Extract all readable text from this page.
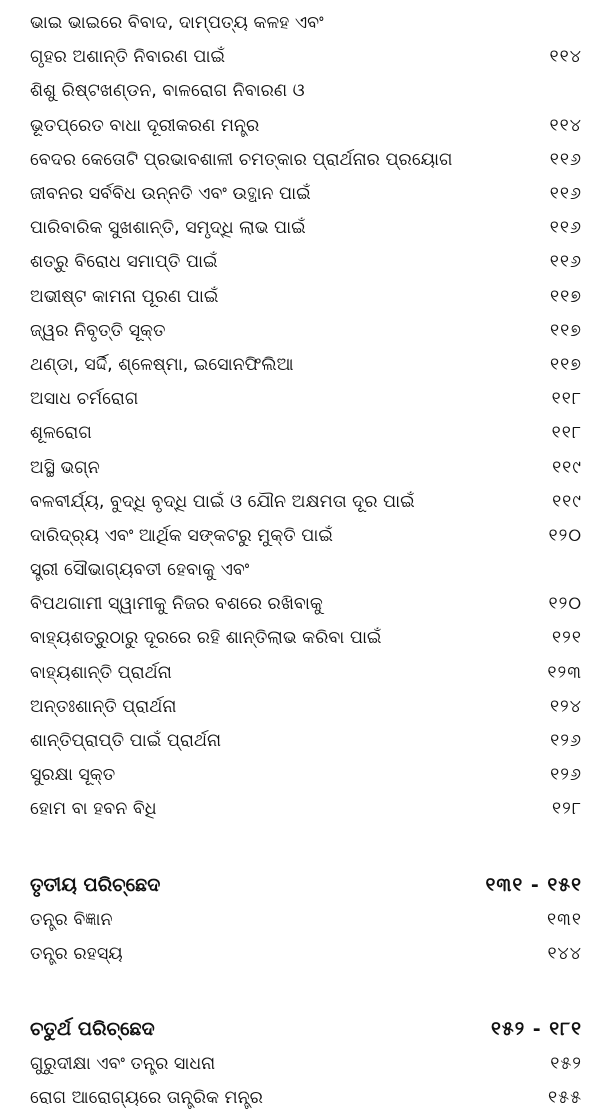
ଭାଇ ଭାଇରେ ବିବାଦ, ଦାମ୍ପତ୍ୟ କଳହ ଏବଂ
ଗୃହର ଅଶାନ୍ତି ନିବାରଣ ପାଇଁ	୧୧୪
ଶିଶୁ ରିଷ୍ଟଖଣ୍ଡନ, ବାଳରୋଗ ନିବାରଣ ଓ
ଭୂତପ୍ରେତ ବାଧା ଦୂରୀକରଣ ମନ୍ତ୍ର	୧୧୪
ବେଦର କେତୋଟି ପ୍ରଭାବଶାଳୀ ଚମତ୍କାର ପ୍ରାର୍ଥନାର ପ୍ରୟୋଗ	୧୧୬
ଜୀବନର ସର୍ବବିଧ ଉନ୍ନତି ଏବଂ ଉତ୍ଥାନ ପାଇଁ	୧୧୬
ପାରିବାରିକ ସୁଖଶାନ୍ତି, ସମୃଦ୍ଧି ଲାଭ ପାଇଁ	୧୧୬
ଶତ୍ରୁ ବିରୋଧ ସମାପ୍ତି ପାଇଁ	୧୧୬
ଅଭୀଷ୍ଟ କାମନା ପୂରଣ ପାଇଁ	୧୧୭
ଜ୍ୱର ନିବୃତ୍ତି ସୂକ୍ତ	୧୧୭
ଥଣ୍ଡା, ସର୍ଦ୍ଦି, ଶ୍ଳେଷ୍ମା, ଇସୋନଫିଲିଆ	୧୧୭
ଅସାଧ ଚର୍ମରୋଗ	୧୧୮
ଶୂଳରୋଗ	୧୧୮
ଅସ୍ଥି ଭଗ୍ନ	୧୧୯
ବଳବୀର୍ଯ୍ୟ, ବୁଦ୍ଧି ବୃଦ୍ଧି ପାଇଁ ଓ ଯୌନ ଅକ୍ଷମତା ଦୂର ପାଇଁ	୧୧୯
ଦାରିଦ୍ର୍ୟ ଏବଂ ଆର୍ଥିକ ସଙ୍କଟରୁ ମୁକ୍ତି ପାଇଁ	୧୨୦
ସ୍ତ୍ରୀ ସୌଭାଗ୍ୟବତୀ ହେବାକୁ ଏବଂ
ବିପଥଗାମୀ ସ୍ୱାମୀକୁ ନିଜର ବଶରେ ରଖିବାକୁ	୧୨୦
ବାହ୍ୟଶତ୍ରୁଠାରୁ ଦୂରରେ ରହି ଶାନ୍ତିଲାଭ କରିବା ପାଇଁ	୧୨୧
ବାହ୍ୟଶାନ୍ତି ପ୍ରାର୍ଥନା	୧୨୩
ଅନ୍ତଃଶାନ୍ତି ପ୍ରାର୍ଥନା	୧୨୪
ଶାନ୍ତିପ୍ରାପ୍ତି ପାଇଁ ପ୍ରାର୍ଥନା	୧୨୬
ସୁରକ୍ଷା ସୂକ୍ତ	୧୨୬
ହୋମ ବା ହବନ ବିଧି	୧୨୮
ତୃତୀୟ ପରିଚ୍ଛେଦ	୧୩୧ - ୧୫୧
ତନ୍ତ୍ର ବିଜ୍ଞାନ	୧୩୧
ତନ୍ତ୍ର ରହସ୍ୟ	୧୪୪
ଚତୁର୍ଥ ପରିଚ୍ଛେଦ	୧୫୨ - ୧୮୧
ଗୁରୁଦୀକ୍ଷା ଏବଂ ତନ୍ତ୍ର ସାଧନା	୧୫୨
ରୋଗ ଆରୋଗ୍ୟରେ ତାନ୍ତ୍ରିକ ମନ୍ତ୍ର	୧୫୫
